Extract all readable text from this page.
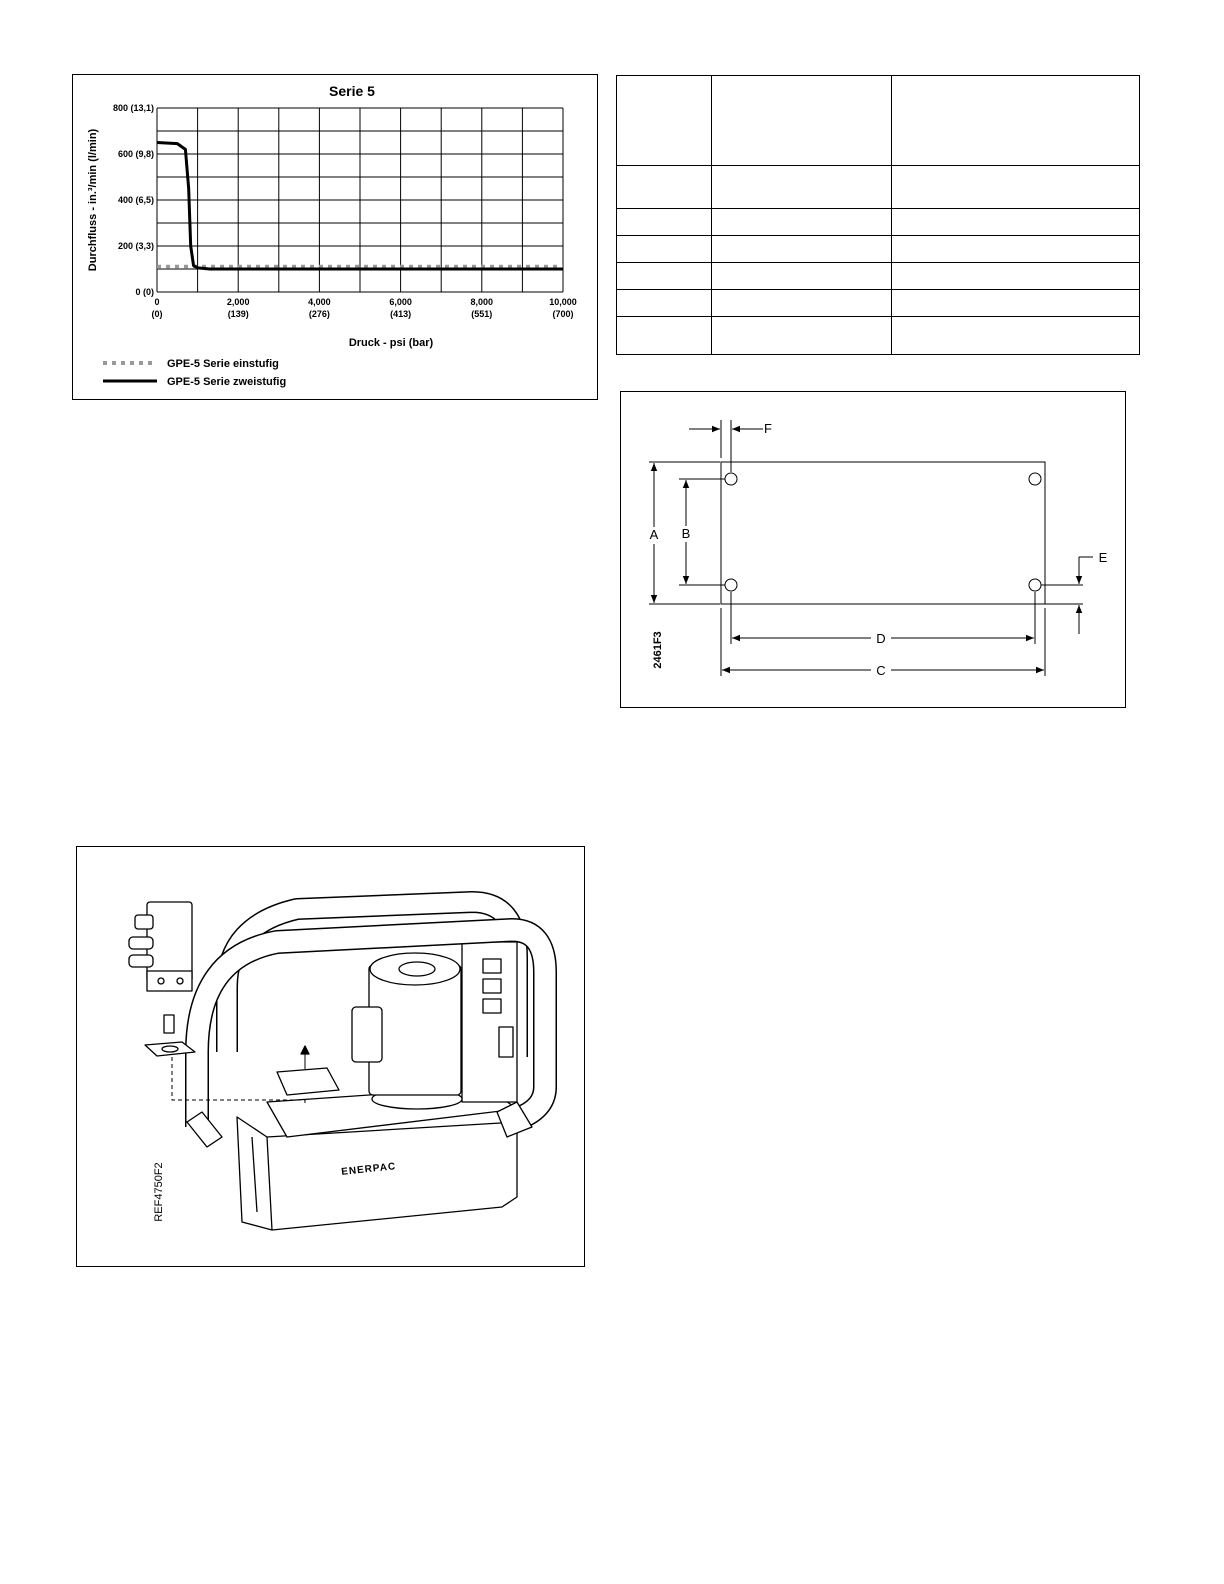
Serie 5
0 (0)
200 (3,3)
400 (6,5)
600 (9,8)
800 (13,1)
0
(0)
2,000
(139)
4,000
(276)
6,000
(413)
8,000
(551)
10,000
(700)
Durchfluss - in.³/min (l/min)
Druck - psi (bar)
GPE-5 Serie einstufig
GPE-5 Serie zweistufig

F
A B
E
D
C
2461F3
ENERPAC
REF4750F2
